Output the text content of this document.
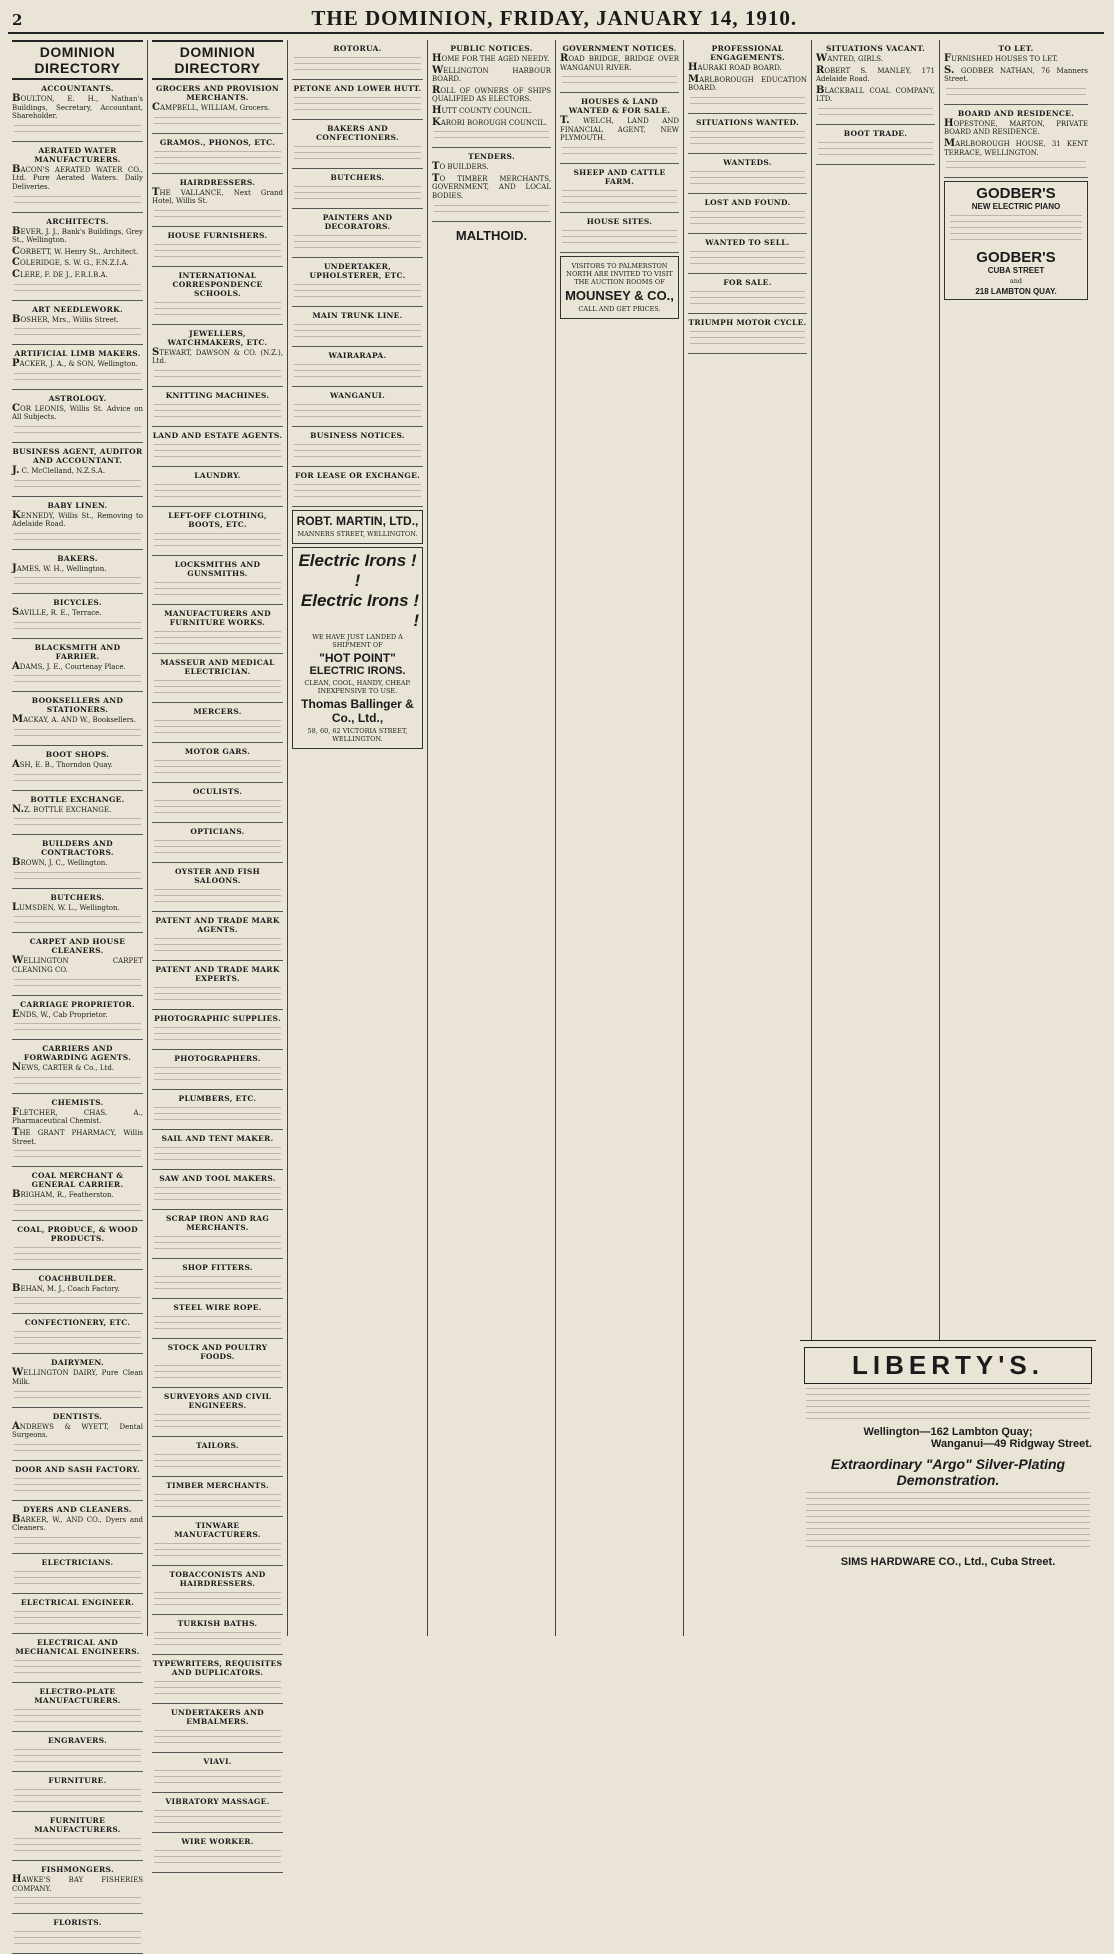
2	THE DOMINION, FRIDAY, JANUARY 14, 1910.
DOMINION DIRECTORY
ACCOUNTANTS.
BOULTON, E. H., Nathan's Buildings, Secretary, Accountant, Shareholder.
AERATED WATER MANUFACTURERS.
BACON'S AERATED WATER CO., Ltd. Pure Aerated Waters. Daily Deliveries.
ARCHITECTS.
BEVER, J. J., Bank's Buildings, Grey St., Wellington.
CORBETT, W. Henry St., Architect.
COLERIDGE, S. W. G., F.N.Z.I.A.
CLERE, F. DE J., F.R.I.B.A.
ART NEEDLEWORK.
BOSHER, Mrs., Willis Street.
ARTIFICIAL LIMB MAKERS.
PACKER, J. A., & SON, Wellington.
ASTROLOGY.
COR LEONIS, Willis St. Advice on All Subjects.
BUSINESS AGENT, AUDITOR AND ACCOUNTANT.
J. C. McClelland, N.Z.S.A.
BABY LINEN.
KENNEDY, Willis St., Removing to Adelaide Road.
BAKERS.
JAMES, W. H., Wellington.
BICYCLES.
SAVILLE, R. E., Terrace.
BLACKSMITH AND FARRIER.
ADAMS, J. E., Courtenay Place.
BOOKSELLERS AND STATIONERS.
MACKAY, A. AND W., Booksellers.
BOOT SHOPS.
ASH, E. B., Thorndon Quay.
BOTTLE EXCHANGE.
N.Z. BOTTLE EXCHANGE.
BUILDERS AND CONTRACTORS.
BROWN, J. C., Wellington.
BUTCHERS.
LUMSDEN, W. L., Wellington.
CARPET AND HOUSE CLEANERS.
WELLINGTON CARPET CLEANING CO.
CARRIAGE PROPRIETOR.
ENDS, W., Cab Proprietor.
CARRIERS AND FORWARDING AGENTS.
NEWS, CARTER & Co., Ltd.
CHEMISTS.
FLETCHER, CHAS. A., Pharmaceutical Chemist.
THE GRANT PHARMACY, Willis Street.
COAL MERCHANT & GENERAL CARRIER.
BRIGHAM, R., Featherston.
COAL, PRODUCE, & WOOD PRODUCTS.
COACHBUILDER.
BEHAN, M. J., Coach Factory.
CONFECTIONERY, ETC.
DAIRYMEN.
WELLINGTON DAIRY, Pure Clean Milk.
DENTISTS.
ANDREWS & WYETT, Dental Surgeons.
DOOR AND SASH FACTORY.
DYERS AND CLEANERS.
BARKER, W., AND CO., Dyers and Cleaners.
ELECTRICIANS.
ELECTRICAL ENGINEER.
ELECTRICAL AND MECHANICAL ENGINEERS.
ELECTRO-PLATE MANUFACTURERS.
ENGRAVERS.
FURNITURE.
FURNITURE MANUFACTURERS.
FISHMONGERS.
HAWKE'S BAY FISHERIES COMPANY.
FLORISTS.
DOMINION DIRECTORY
GROCERS AND PROVISION MERCHANTS.
CAMPBELL, WILLIAM, Grocers.
GRAMOS., PHONOS, ETC.
HAIRDRESSERS.
THE VALLANCE, Next Grand Hotel, Willis St.
HOUSE FURNISHERS.
INTERNATIONAL CORRESPONDENCE SCHOOLS.
JEWELLERS, WATCHMAKERS, ETC.
STEWART, DAWSON & CO. (N.Z.), Ltd.
KNITTING MACHINES.
LAND AND ESTATE AGENTS.
LAUNDRY.
LEFT-OFF CLOTHING, BOOTS, ETC.
LOCKSMITHS AND GUNSMITHS.
MANUFACTURERS AND FURNITURE WORKS.
MASSEUR AND MEDICAL ELECTRICIAN.
MERCERS.
MOTOR GARS.
OCULISTS.
OPTICIANS.
OYSTER AND FISH SALOONS.
PATENT AND TRADE MARK AGENTS.
PATENT AND TRADE MARK EXPERTS.
PHOTOGRAPHIC SUPPLIES.
PHOTOGRAPHERS.
PLUMBERS, ETC.
SAIL AND TENT MAKER.
SAW AND TOOL MAKERS.
SCRAP IRON AND RAG MERCHANTS.
SHOP FITTERS.
STEEL WIRE ROPE.
STOCK AND POULTRY FOODS.
SURVEYORS AND CIVIL ENGINEERS.
TAILORS.
TIMBER MERCHANTS.
TINWARE MANUFACTURERS.
TOBACCONISTS AND HAIRDRESSERS.
TURKISH BATHS.
TYPEWRITERS, REQUISITES AND DUPLICATORS.
UNDERTAKERS AND EMBALMERS.
VIAVI.
VIBRATORY MASSAGE.
WIRE WORKER.
ROTORUA.
PETONE AND LOWER HUTT.
BAKERS AND CONFECTIONERS.
BUTCHERS.
PAINTERS AND DECORATORS.
UNDERTAKER, UPHOLSTERER, ETC.
MAIN TRUNK LINE.
WAIRARAPA.
WANGANUI.
BUSINESS NOTICES.
FOR LEASE OR EXCHANGE.
ROBT. MARTIN, LTD.,
MANNERS STREET, WELLINGTON.
Electric Irons ! !
Electric Irons ! !
WE HAVE JUST LANDED A SHIPMENT OF
"HOT POINT"
ELECTRIC IRONS.
CLEAN, COOL, HANDY, CHEAP. INEXPENSIVE TO USE.
Thomas Ballinger & Co., Ltd.,
58, 60, 62 VICTORIA STREET, WELLINGTON.
PUBLIC NOTICES.
HOME FOR THE AGED NEEDY.
WELLINGTON HARBOUR BOARD.
ROLL OF OWNERS OF SHIPS QUALIFIED AS ELECTORS.
HUTT COUNTY COUNCIL.
KARORI BOROUGH COUNCIL.
TENDERS.
TO BUILDERS.
TO TIMBER MERCHANTS, GOVERNMENT, AND LOCAL BODIES.
MALTHOID.
GOVERNMENT NOTICES.
ROAD BRIDGE, BRIDGE OVER WANGANUI RIVER.
HOUSES & LAND WANTED & FOR SALE.
T. WELCH, LAND AND FINANCIAL AGENT, NEW PLYMOUTH.
SHEEP AND CATTLE FARM.
HOUSE SITES.
VISITORS TO PALMERSTON NORTH ARE INVITED TO VISIT THE AUCTION ROOMS OF
MOUNSEY & CO.,
CALL AND GET PRICES.
PROFESSIONAL ENGAGEMENTS.
HAURAKI ROAD BOARD.
MARLBOROUGH EDUCATION BOARD.
SITUATIONS WANTED.
WANTEDS.
LOST AND FOUND.
WANTED TO SELL.
FOR SALE.
TRIUMPH MOTOR CYCLE.
SITUATIONS VACANT.
WANTED, GIRLS.
ROBERT S. MANLEY, 171 Adelaide Road.
BLACKBALL COAL COMPANY, LTD.
BOOT TRADE.
TO LET.
FURNISHED HOUSES TO LET.
S. GODBER NATHAN, 76 Manners Street.
BOARD AND RESIDENCE.
HOPESTONE, MARTON, PRIVATE BOARD AND RESIDENCE.
MARLBOROUGH HOUSE, 31 KENT TERRACE, WELLINGTON.
GODBER'S
NEW ELECTRIC PIANO
GODBER'S
CUBA STREET
and
218 LAMBTON QUAY.
LIBERTY'S.
Wellington—162 Lambton Quay;
Wanganui—49 Ridgway Street.
Extraordinary "Argo" Silver-Plating
Demonstration.
SIMS HARDWARE CO., Ltd., Cuba Street.
